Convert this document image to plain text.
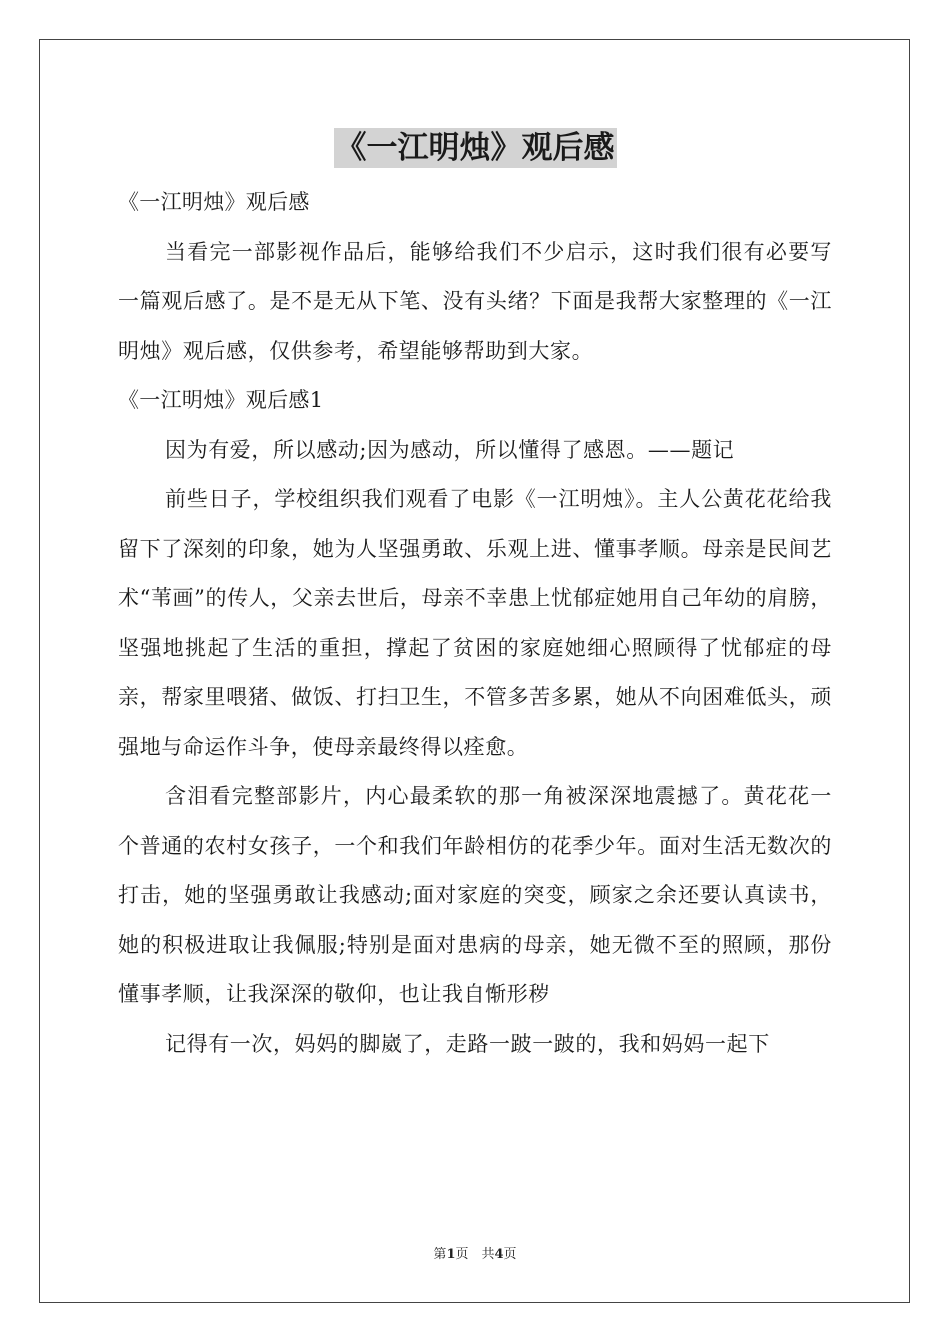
《一江明烛》观后感

《一江明烛》观后感

当看完一部影视作品后，能够给我们不少启示，这时我们很有必要写一篇观后感了。是不是无从下笔、没有头绪？下面是我帮大家整理的《一江明烛》观后感，仅供参考，希望能够帮助到大家。

《一江明烛》观后感1

因为有爱，所以感动;因为感动，所以懂得了感恩。——题记

前些日子，学校组织我们观看了电影《一江明烛》。主人公黄花花给我留下了深刻的印象，她为人坚强勇敢、乐观上进、懂事孝顺。母亲是民间艺术“苇画”的传人，父亲去世后，母亲不幸患上忧郁症她用自己年幼的肩膀，坚强地挑起了生活的重担，撑起了贫困的家庭她细心照顾得了忧郁症的母亲，帮家里喂猪、做饭、打扫卫生，不管多苦多累，她从不向困难低头，顽强地与命运作斗争，使母亲最终得以痊愈。

含泪看完整部影片，内心最柔软的那一角被深深地震撼了。黄花花一个普通的农村女孩子，一个和我们年龄相仿的花季少年。面对生活无数次的打击，她的坚强勇敢让我感动;面对家庭的突变，顾家之余还要认真读书，她的积极进取让我佩服;特别是面对患病的母亲，她无微不至的照顾，那份懂事孝顺，让我深深的敬仰，也让我自惭形秽

记得有一次，妈妈的脚崴了，走路一跛一跛的，我和妈妈一起下

第1页　共4页
